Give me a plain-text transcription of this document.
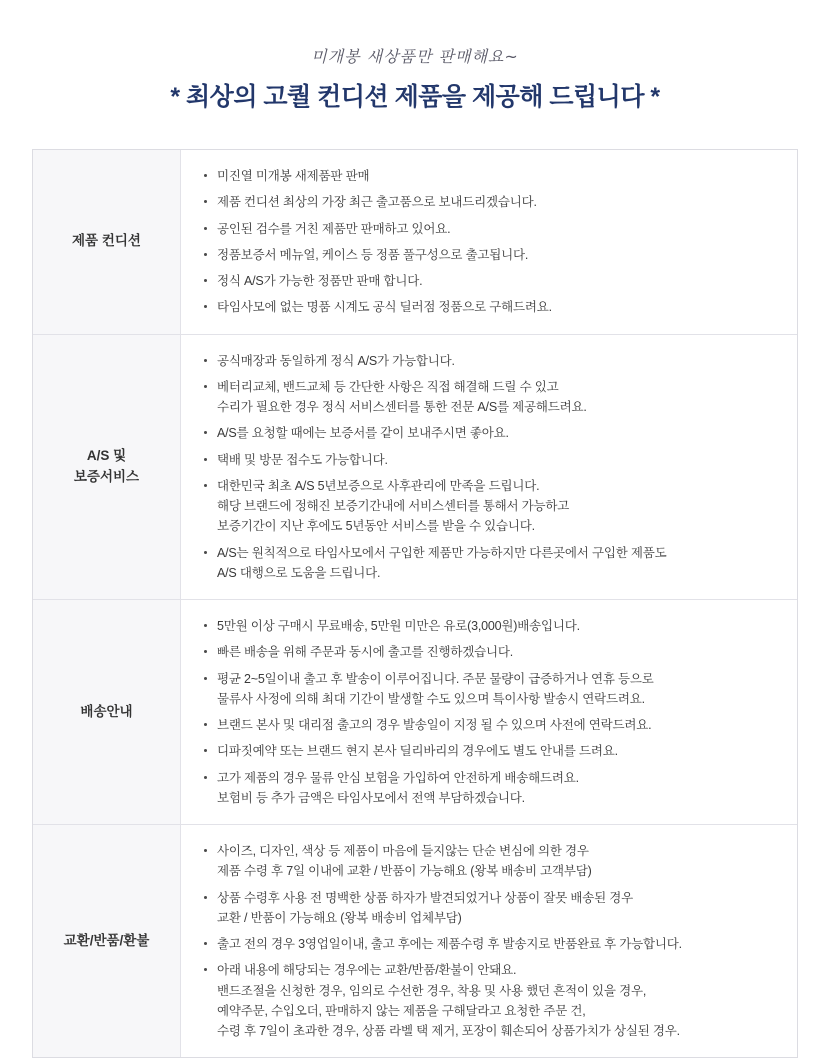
미개봉 새상품만 판매해요~
* 최상의 고퀄 컨디션 제품을 제공해 드립니다 *
제품 컨디션
미진열 미개봉 새제품판 판매
제품 컨디션 최상의 가장 최근 출고품으로 보내드리겠습니다.
공인된 검수를 거친 제품만 판매하고 있어요.
정품보증서 메뉴얼, 케이스 등 정품 풀구성으로 출고됩니다.
정식 A/S가 가능한 정품만 판매 합니다.
타임사모에 없는 명품 시계도 공식 딜러점 정품으로 구해드려요.
A/S 및
보증서비스
공식매장과 동일하게 정식 A/S가 가능합니다.
베터리교체, 밴드교체 등 간단한 사항은 직접 해결해 드릴 수 있고
수리가 필요한 경우 정식 서비스센터를 통한 전문 A/S를 제공해드려요.
A/S를 요청할 때에는 보증서를 같이 보내주시면 좋아요.
택배 및 방문 접수도 가능합니다.
대한민국 최초 A/S 5년보증으로 사후관리에 만족을 드립니다.
해당 브랜드에 정해진 보증기간내에 서비스센터를 통해서 가능하고
보증기간이 지난 후에도 5년동안 서비스를 받을 수 있습니다.
A/S는 원칙적으로 타임사모에서 구입한 제품만 가능하지만 다른곳에서 구입한 제품도
A/S 대행으로 도움을 드립니다.
배송안내
5만원 이상 구매시 무료배송, 5만원 미만은 유로(3,000원)배송입니다.
빠른 배송을 위해 주문과 동시에 출고를 진행하겠습니다.
평균 2~5일이내 출고 후 발송이 이루어집니다. 주문 물량이 급증하거나 연휴 등으로
물류사 사정에 의해 최대 기간이 발생할 수도 있으며 특이사항 발송시 연락드려요.
브랜드 본사 및 대리점 출고의 경우 발송일이 지정 될 수 있으며 사전에 연락드려요.
디파짓예약 또는 브랜드 현지 본사 딜리바리의 경우에도 별도 안내를 드려요.
고가 제품의 경우 물류 안심 보험을 가입하여 안전하게 배송해드려요.
보험비 등 추가 금액은 타임사모에서 전액 부담하겠습니다.
교환/반품/환불
사이즈, 디자인, 색상 등 제품이 마음에 들지않는 단순 변심에 의한 경우
제품 수령 후 7일 이내에 교환 / 반품이 가능해요 (왕복 배송비 고객부담)
상품 수령후 사용 전 명백한 상품 하자가 발견되었거나 상품이 잘못 배송된 경우
교환 / 반품이 가능해요 (왕복 배송비 업체부담)
출고 전의 경우 3영업일이내, 출고 후에는 제품수령 후 발송지로 반품완료 후 가능합니다.
아래 내용에 해당되는 경우에는 교환/반품/환불이 안돼요.
밴드조절을 신청한 경우, 임의로 수선한 경우, 착용 및 사용 했던 흔적이 있을 경우,
예약주문, 수입오더, 판매하지 않는 제품을 구해달라고 요청한 주문 건,
수령 후 7일이 초과한 경우, 상품 라벨 택 제거, 포장이 훼손되어 상품가치가 상실된 경우.
